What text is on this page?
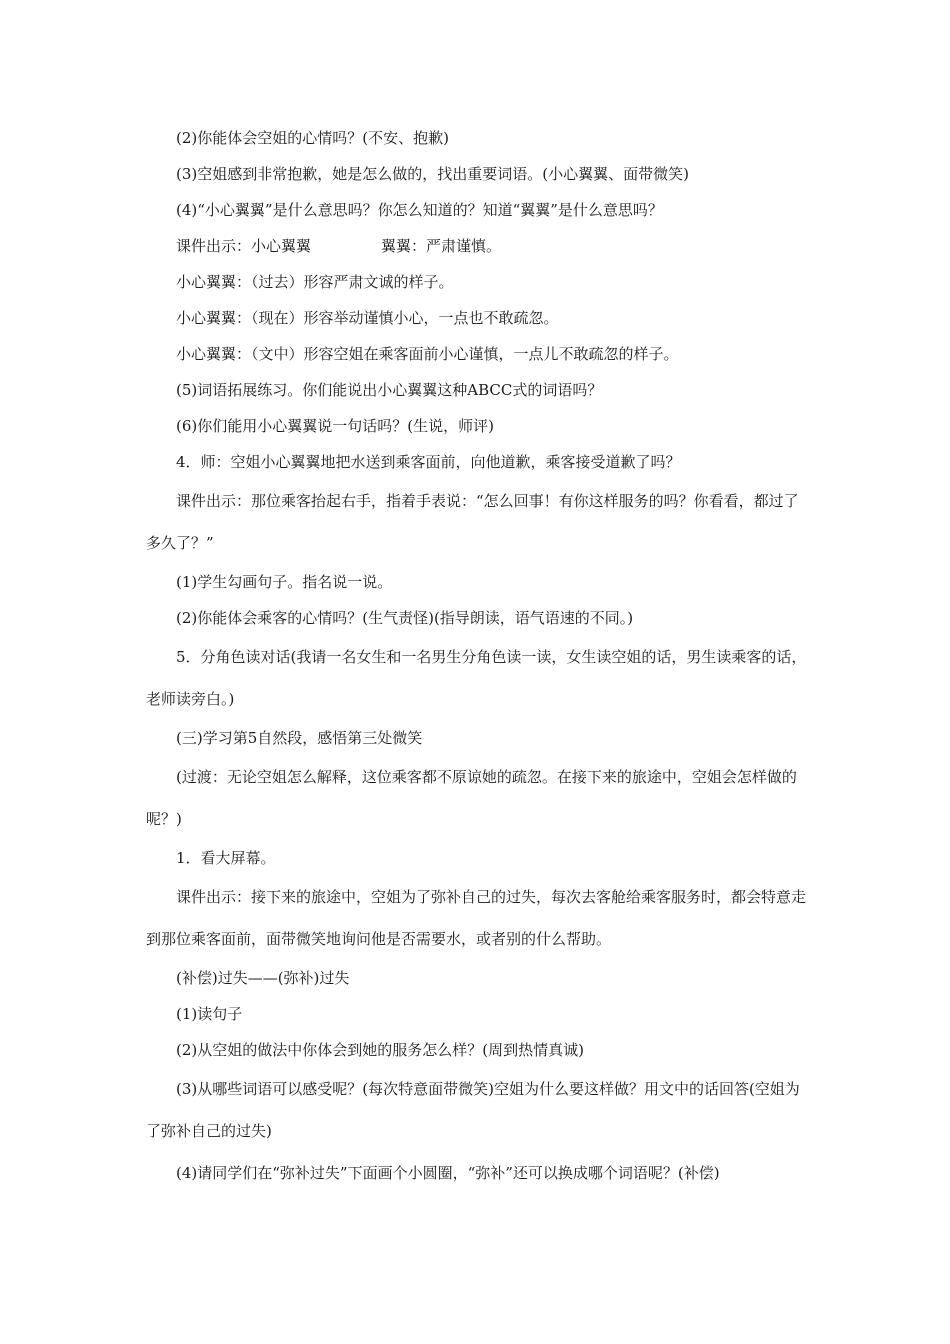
(2)你能体会空姐的心情吗？(不安、抱歉)

(3)空姐感到非常抱歉，她是怎么做的，找出重要词语。(小心翼翼、面带微笑)

(4)“小心翼翼”是什么意思吗？你怎么知道的？知道“翼翼”是什么意思吗？

课件出示：小心翼翼	翼翼：严肃谨慎。

小心翼翼：（过去）形容严肃文诚的样子。

小心翼翼：（现在）形容举动谨慎小心，一点也不敢疏忽。

小心翼翼：（文中）形容空姐在乘客面前小心谨慎，一点儿不敢疏忽的样子。

(5)词语拓展练习。你们能说出小心翼翼这种ABCC式的词语吗？

(6)你们能用小心翼翼说一句话吗？(生说，师评)

4．师：空姐小心翼翼地把水送到乘客面前，向他道歉，乘客接受道歉了吗？

课件出示：那位乘客抬起右手，指着手表说：“怎么回事！有你这样服务的吗？你看看，都过了多久了？”

(1)学生勾画句子。指名说一说。

(2)你能体会乘客的心情吗？(生气责怪)(指导朗读，语气语速的不同。)

5．分角色读对话(我请一名女生和一名男生分角色读一读，女生读空姐的话，男生读乘客的话，老师读旁白。)

(三)学习第5自然段，感悟第三处微笑

(过渡：无论空姐怎么解释，这位乘客都不原谅她的疏忽。在接下来的旅途中，空姐会怎样做的呢？)

1．看大屏幕。

课件出示：接下来的旅途中，空姐为了弥补自己的过失，每次去客舱给乘客服务时，都会特意走到那位乘客面前，面带微笑地询问他是否需要水，或者别的什么帮助。

(补偿)过失——(弥补)过失

(1)读句子

(2)从空姐的做法中你体会到她的服务怎么样？(周到热情真诚)

(3)从哪些词语可以感受呢？(每次特意面带微笑)空姐为什么要这样做？用文中的话回答(空姐为了弥补自己的过失)

(4)请同学们在“弥补过失”下面画个小圆圈，“弥补”还可以换成哪个词语呢？(补偿)
